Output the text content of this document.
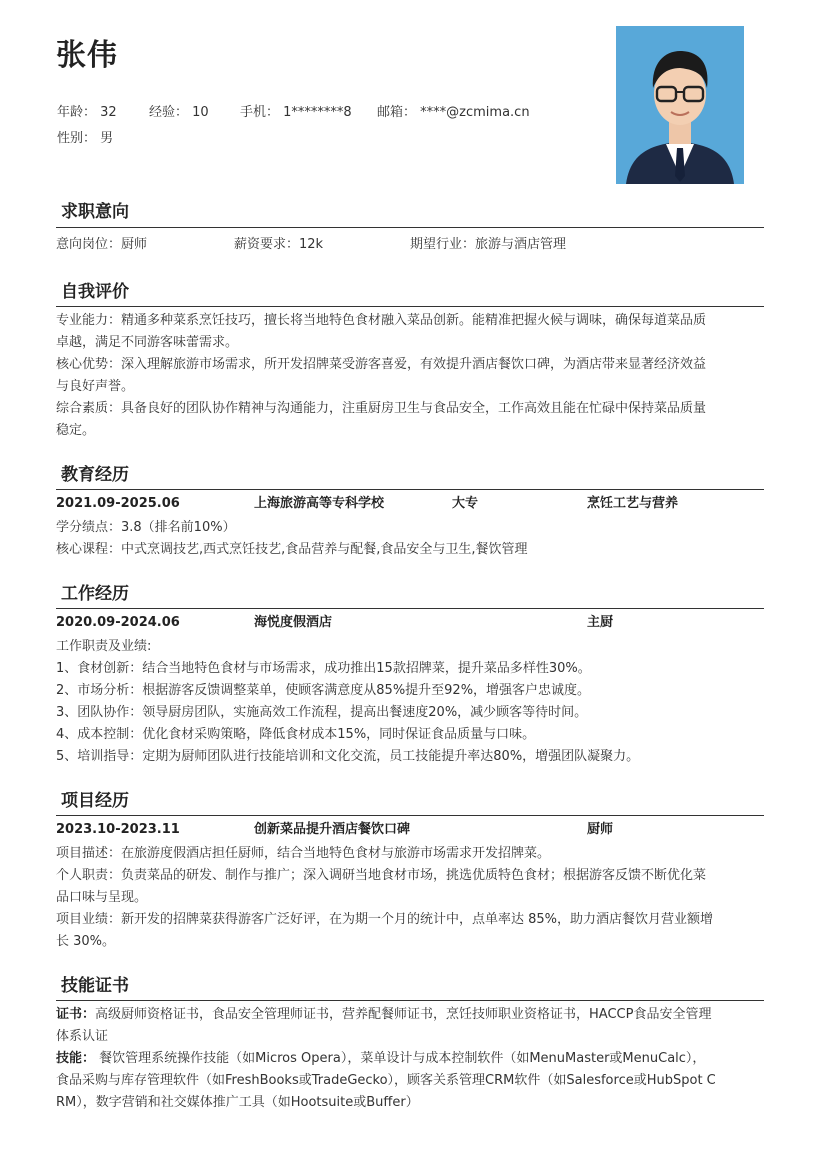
张伟
年龄： 32 经验： 10 手机： 1********8 邮箱： ****@zcmima.cn
性别： 男
求职意向
意向岗位：厨师	薪资要求：12k	期望行业：旅游与酒店管理
自我评价
专业能力：精通多种菜系烹饪技巧，擅长将当地特色食材融入菜品创新。能精准把握火候与调味，确保每道菜品质
卓越，满足不同游客味蕾需求。
核心优势：深入理解旅游市场需求，所开发招牌菜受游客喜爱，有效提升酒店餐饮口碑，为酒店带来显著经济效益
与良好声誉。
综合素质：具备良好的团队协作精神与沟通能力，注重厨房卫生与食品安全，工作高效且能在忙碌中保持菜品质量
稳定。
教育经历
2021.09-2025.06	上海旅游高等专科学校	大专	烹饪工艺与营养
学分绩点：3.8（排名前10%）
核心课程：中式烹调技艺,西式烹饪技艺,食品营养与配餐,食品安全与卫生,餐饮管理
工作经历
2020.09-2024.06	海悦度假酒店	主厨
工作职责及业绩:
1、食材创新：结合当地特色食材与市场需求，成功推出15款招牌菜，提升菜品多样性30%。
2、市场分析：根据游客反馈调整菜单，使顾客满意度从85%提升至92%，增强客户忠诚度。
3、团队协作：领导厨房团队，实施高效工作流程，提高出餐速度20%，减少顾客等待时间。
4、成本控制：优化食材采购策略，降低食材成本15%，同时保证食品质量与口味。
5、培训指导：定期为厨师团队进行技能培训和文化交流，员工技能提升率达80%，增强团队凝聚力。
项目经历
2023.10-2023.11	创新菜品提升酒店餐饮口碑	厨师
项目描述：在旅游度假酒店担任厨师，结合当地特色食材与旅游市场需求开发招牌菜。
个人职责：负责菜品的研发、制作与推广；深入调研当地食材市场，挑选优质特色食材；根据游客反馈不断优化菜
品口味与呈现。
项目业绩：新开发的招牌菜获得游客广泛好评，在为期一个月的统计中，点单率达 85%，助力酒店餐饮月营业额增
长 30%。
技能证书
证书：高级厨师资格证书，食品安全管理师证书，营养配餐师证书，烹饪技师职业资格证书，HACCP食品安全管理
体系认证
技能： 餐饮管理系统操作技能（如Micros Opera），菜单设计与成本控制软件（如MenuMaster或MenuCalc），
食品采购与库存管理软件（如FreshBooks或TradeGecko），顾客关系管理CRM软件（如Salesforce或HubSpot C
RM），数字营销和社交媒体推广工具（如Hootsuite或Buffer）
